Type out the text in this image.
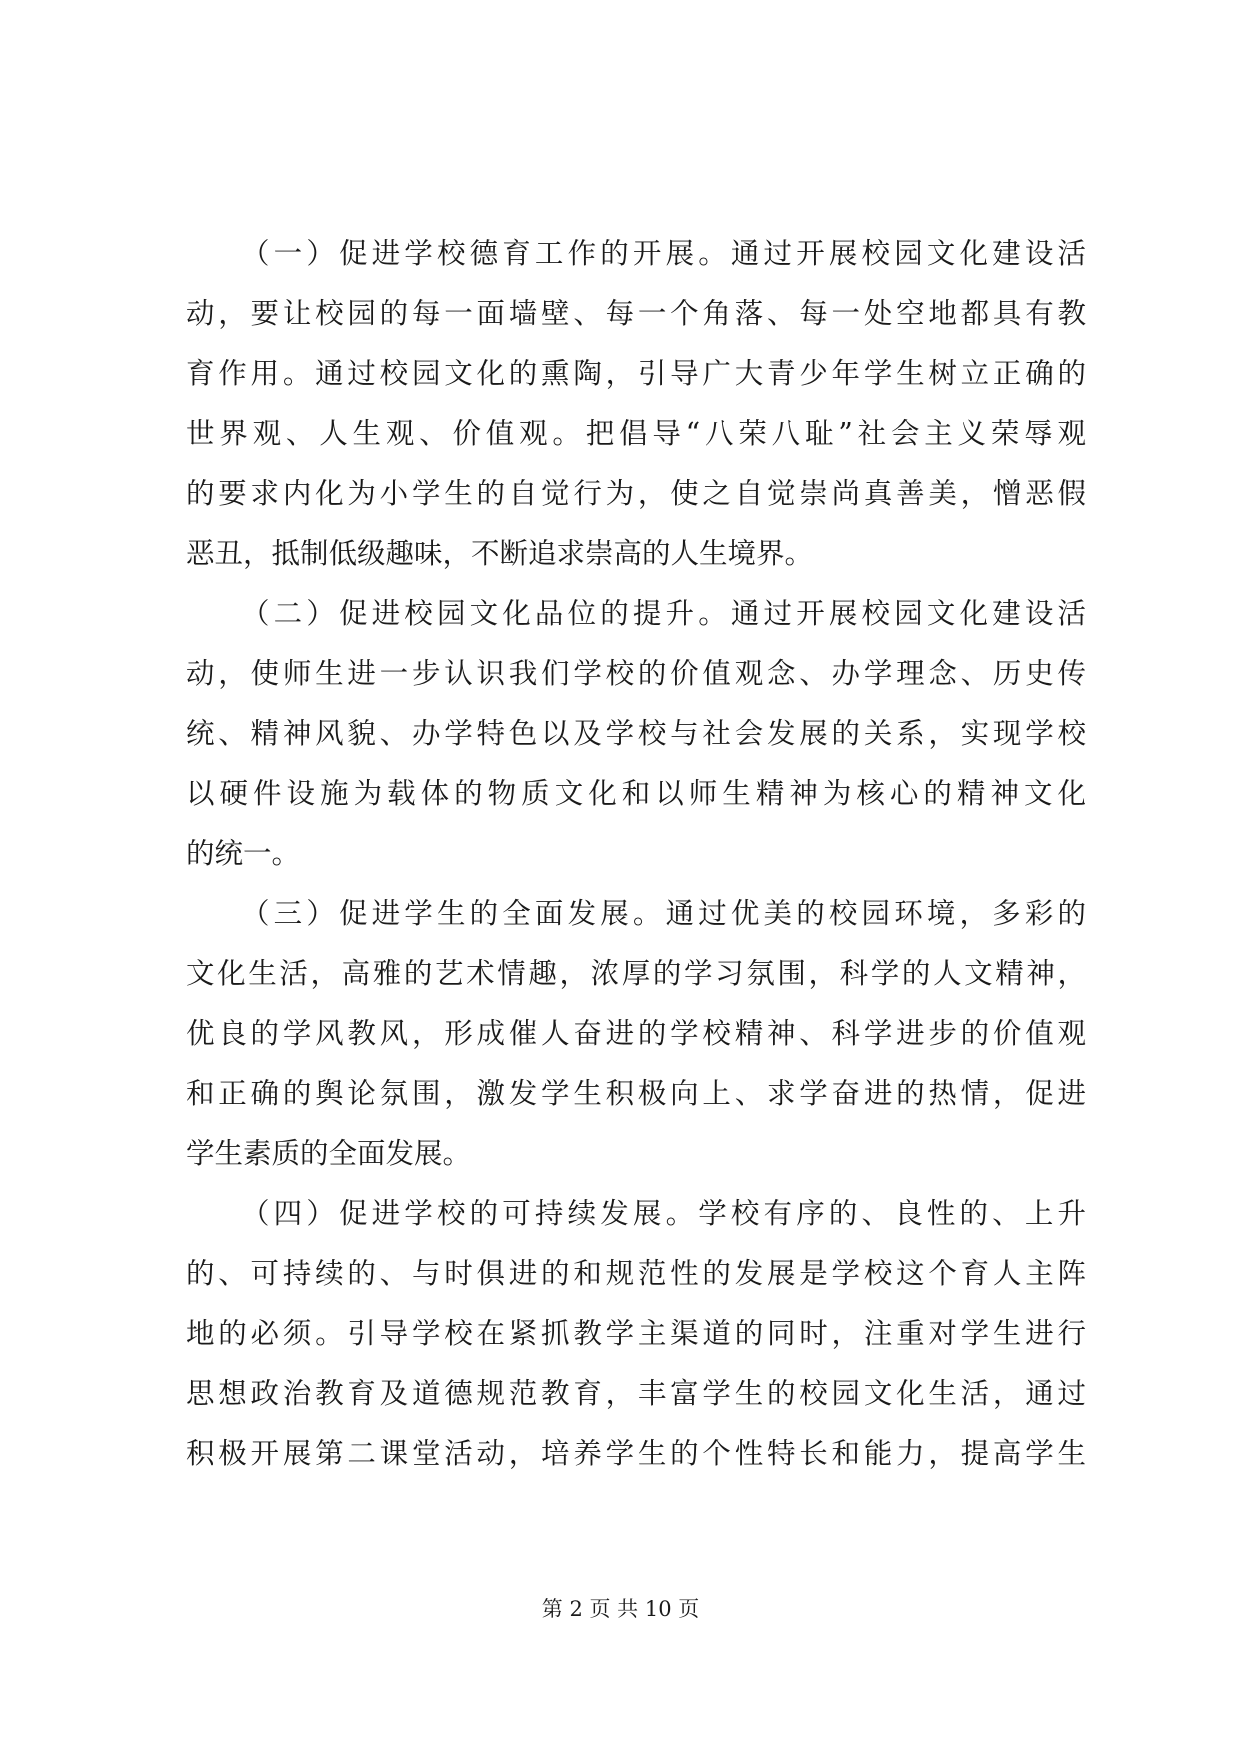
（一）促进学校德育工作的开展。通过开展校园文化建设活
动，要让校园的每一面墙壁、每一个角落、每一处空地都具有教
育作用。通过校园文化的熏陶，引导广大青少年学生树立正确的
世界观、人生观、价值观。把倡导“八荣八耻”社会主义荣辱观
的要求内化为小学生的自觉行为，使之自觉崇尚真善美，憎恶假
恶丑，抵制低级趣味，不断追求崇高的人生境界。
（二）促进校园文化品位的提升。通过开展校园文化建设活
动，使师生进一步认识我们学校的价值观念、办学理念、历史传
统、精神风貌、办学特色以及学校与社会发展的关系，实现学校
以硬件设施为载体的物质文化和以师生精神为核心的精神文化
的统一。
（三）促进学生的全面发展。通过优美的校园环境，多彩的
文化生活，高雅的艺术情趣，浓厚的学习氛围，科学的人文精神，
优良的学风教风，形成催人奋进的学校精神、科学进步的价值观
和正确的舆论氛围，激发学生积极向上、求学奋进的热情，促进
学生素质的全面发展。
（四）促进学校的可持续发展。学校有序的、良性的、上升
的、可持续的、与时俱进的和规范性的发展是学校这个育人主阵
地的必须。引导学校在紧抓教学主渠道的同时，注重对学生进行
思想政治教育及道德规范教育，丰富学生的校园文化生活，通过
积极开展第二课堂活动，培养学生的个性特长和能力，提高学生
第 2 页 共 10 页
